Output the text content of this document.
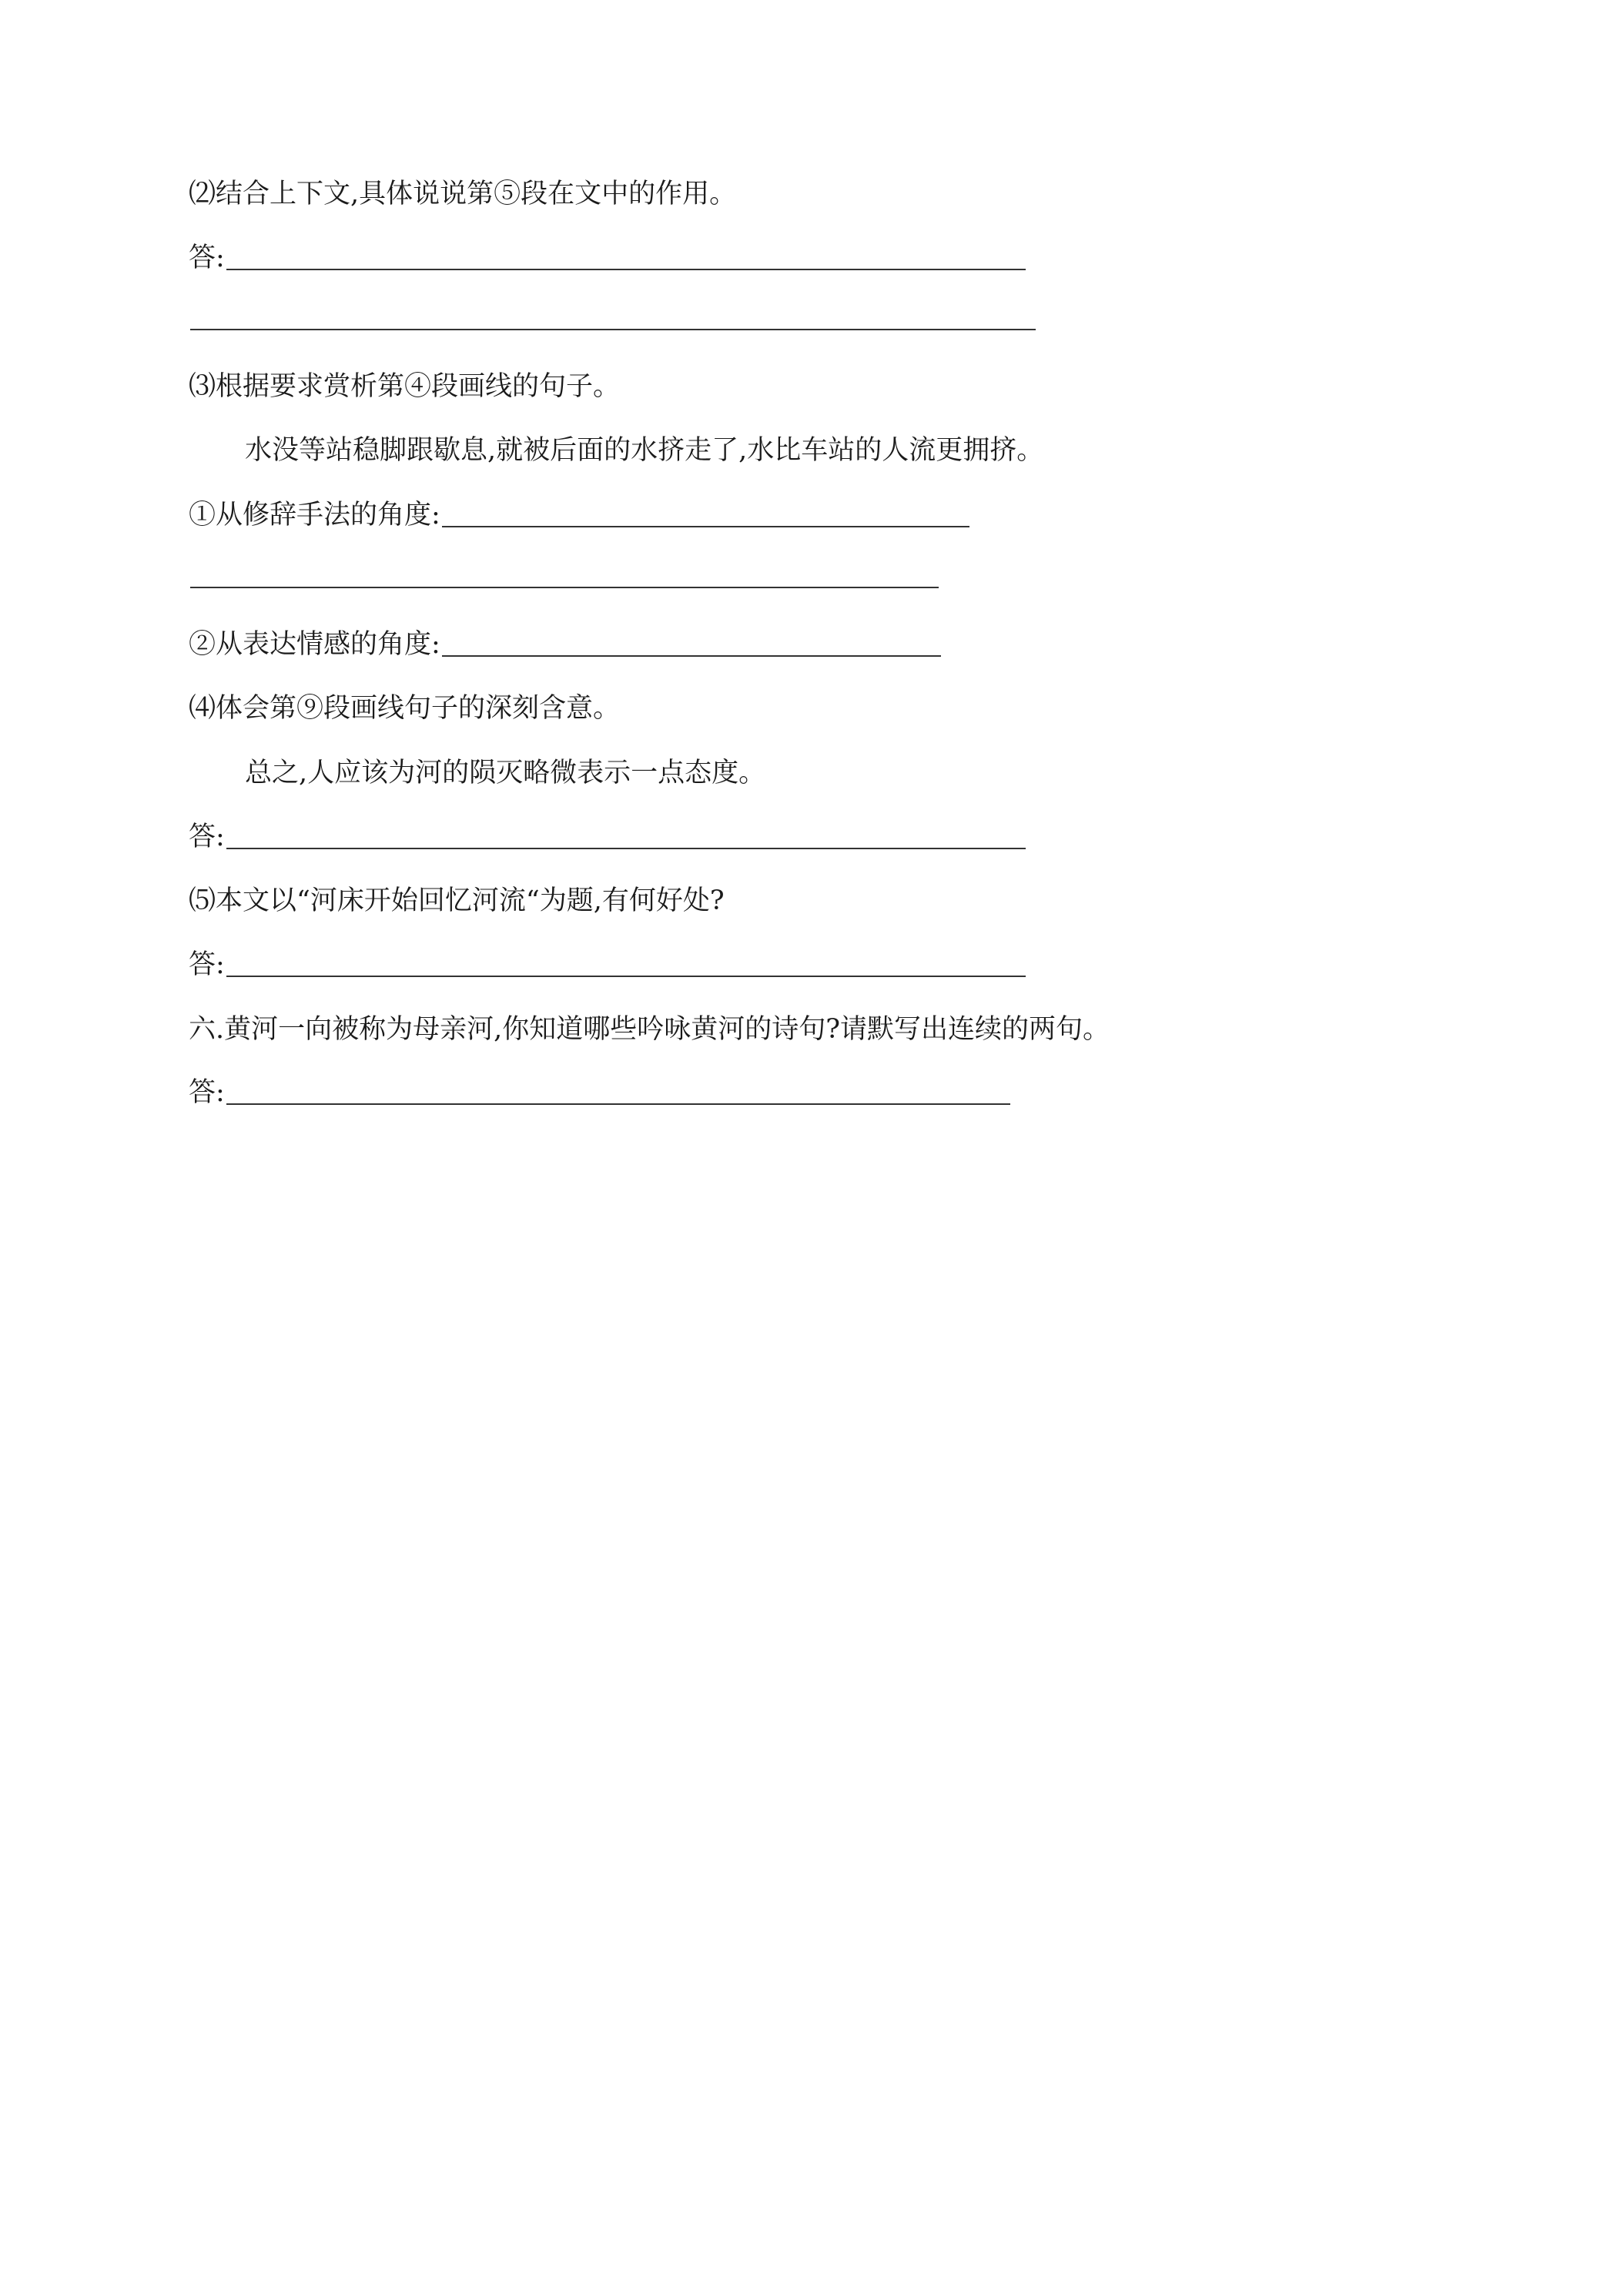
⑵结合上下文,具体说说第⑤段在文中的作用。
答:
⑶根据要求赏析第④段画线的句子。
水没等站稳脚跟歇息,就被后面的水挤走了,水比车站的人流更拥挤。
①从修辞手法的角度:
②从表达情感的角度:
⑷体会第⑨段画线句子的深刻含意。
总之,人应该为河的陨灭略微表示一点态度。
答:
⑸本文以“河床开始回忆河流“为题,有何好处?
答:
六.黄河一向被称为母亲河,你知道哪些吟咏黄河的诗句?请默写出连续的两句。
答:
